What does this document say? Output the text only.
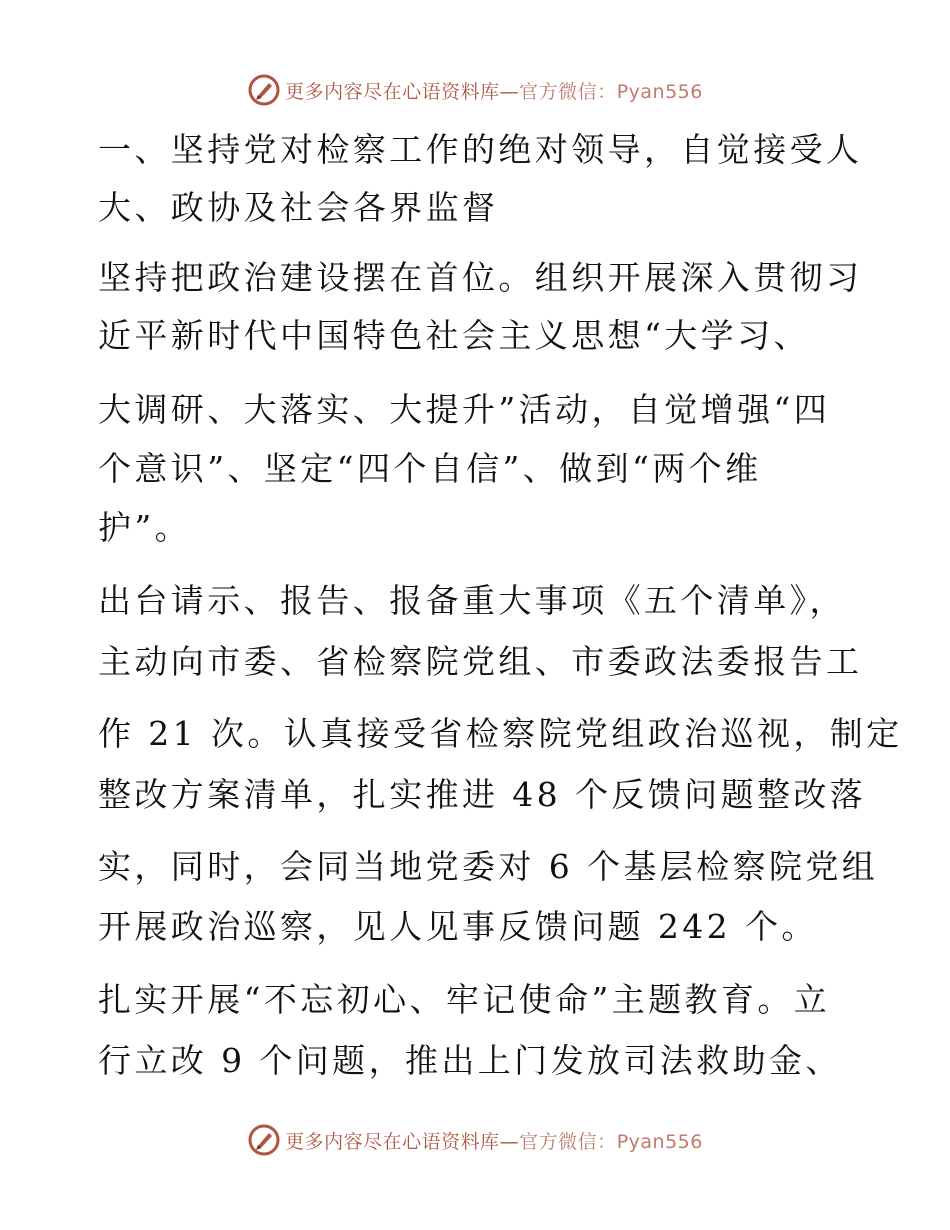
更多内容尽在心语资料库—官方微信：Pyan556
一、坚持党对检察工作的绝对领导，自觉接受人
大、政协及社会各界监督
坚持把政治建设摆在首位。组织开展深入贯彻习
近平新时代中国特色社会主义思想“大学习、
大调研、大落实、大提升”活动，自觉增强“四
个意识”、坚定“四个自信”、做到“两个维
护”。
出台请示、报告、报备重大事项《五个清单》，
主动向市委、省检察院党组、市委政法委报告工
作 21 次。认真接受省检察院党组政治巡视，制定
整改方案清单，扎实推进 48 个反馈问题整改落
实，同时，会同当地党委对 6 个基层检察院党组
开展政治巡察，见人见事反馈问题 242 个。
扎实开展“不忘初心、牢记使命”主题教育。立
行立改 9 个问题，推出上门发放司法救助金、
更多内容尽在心语资料库—官方微信：Pyan556
